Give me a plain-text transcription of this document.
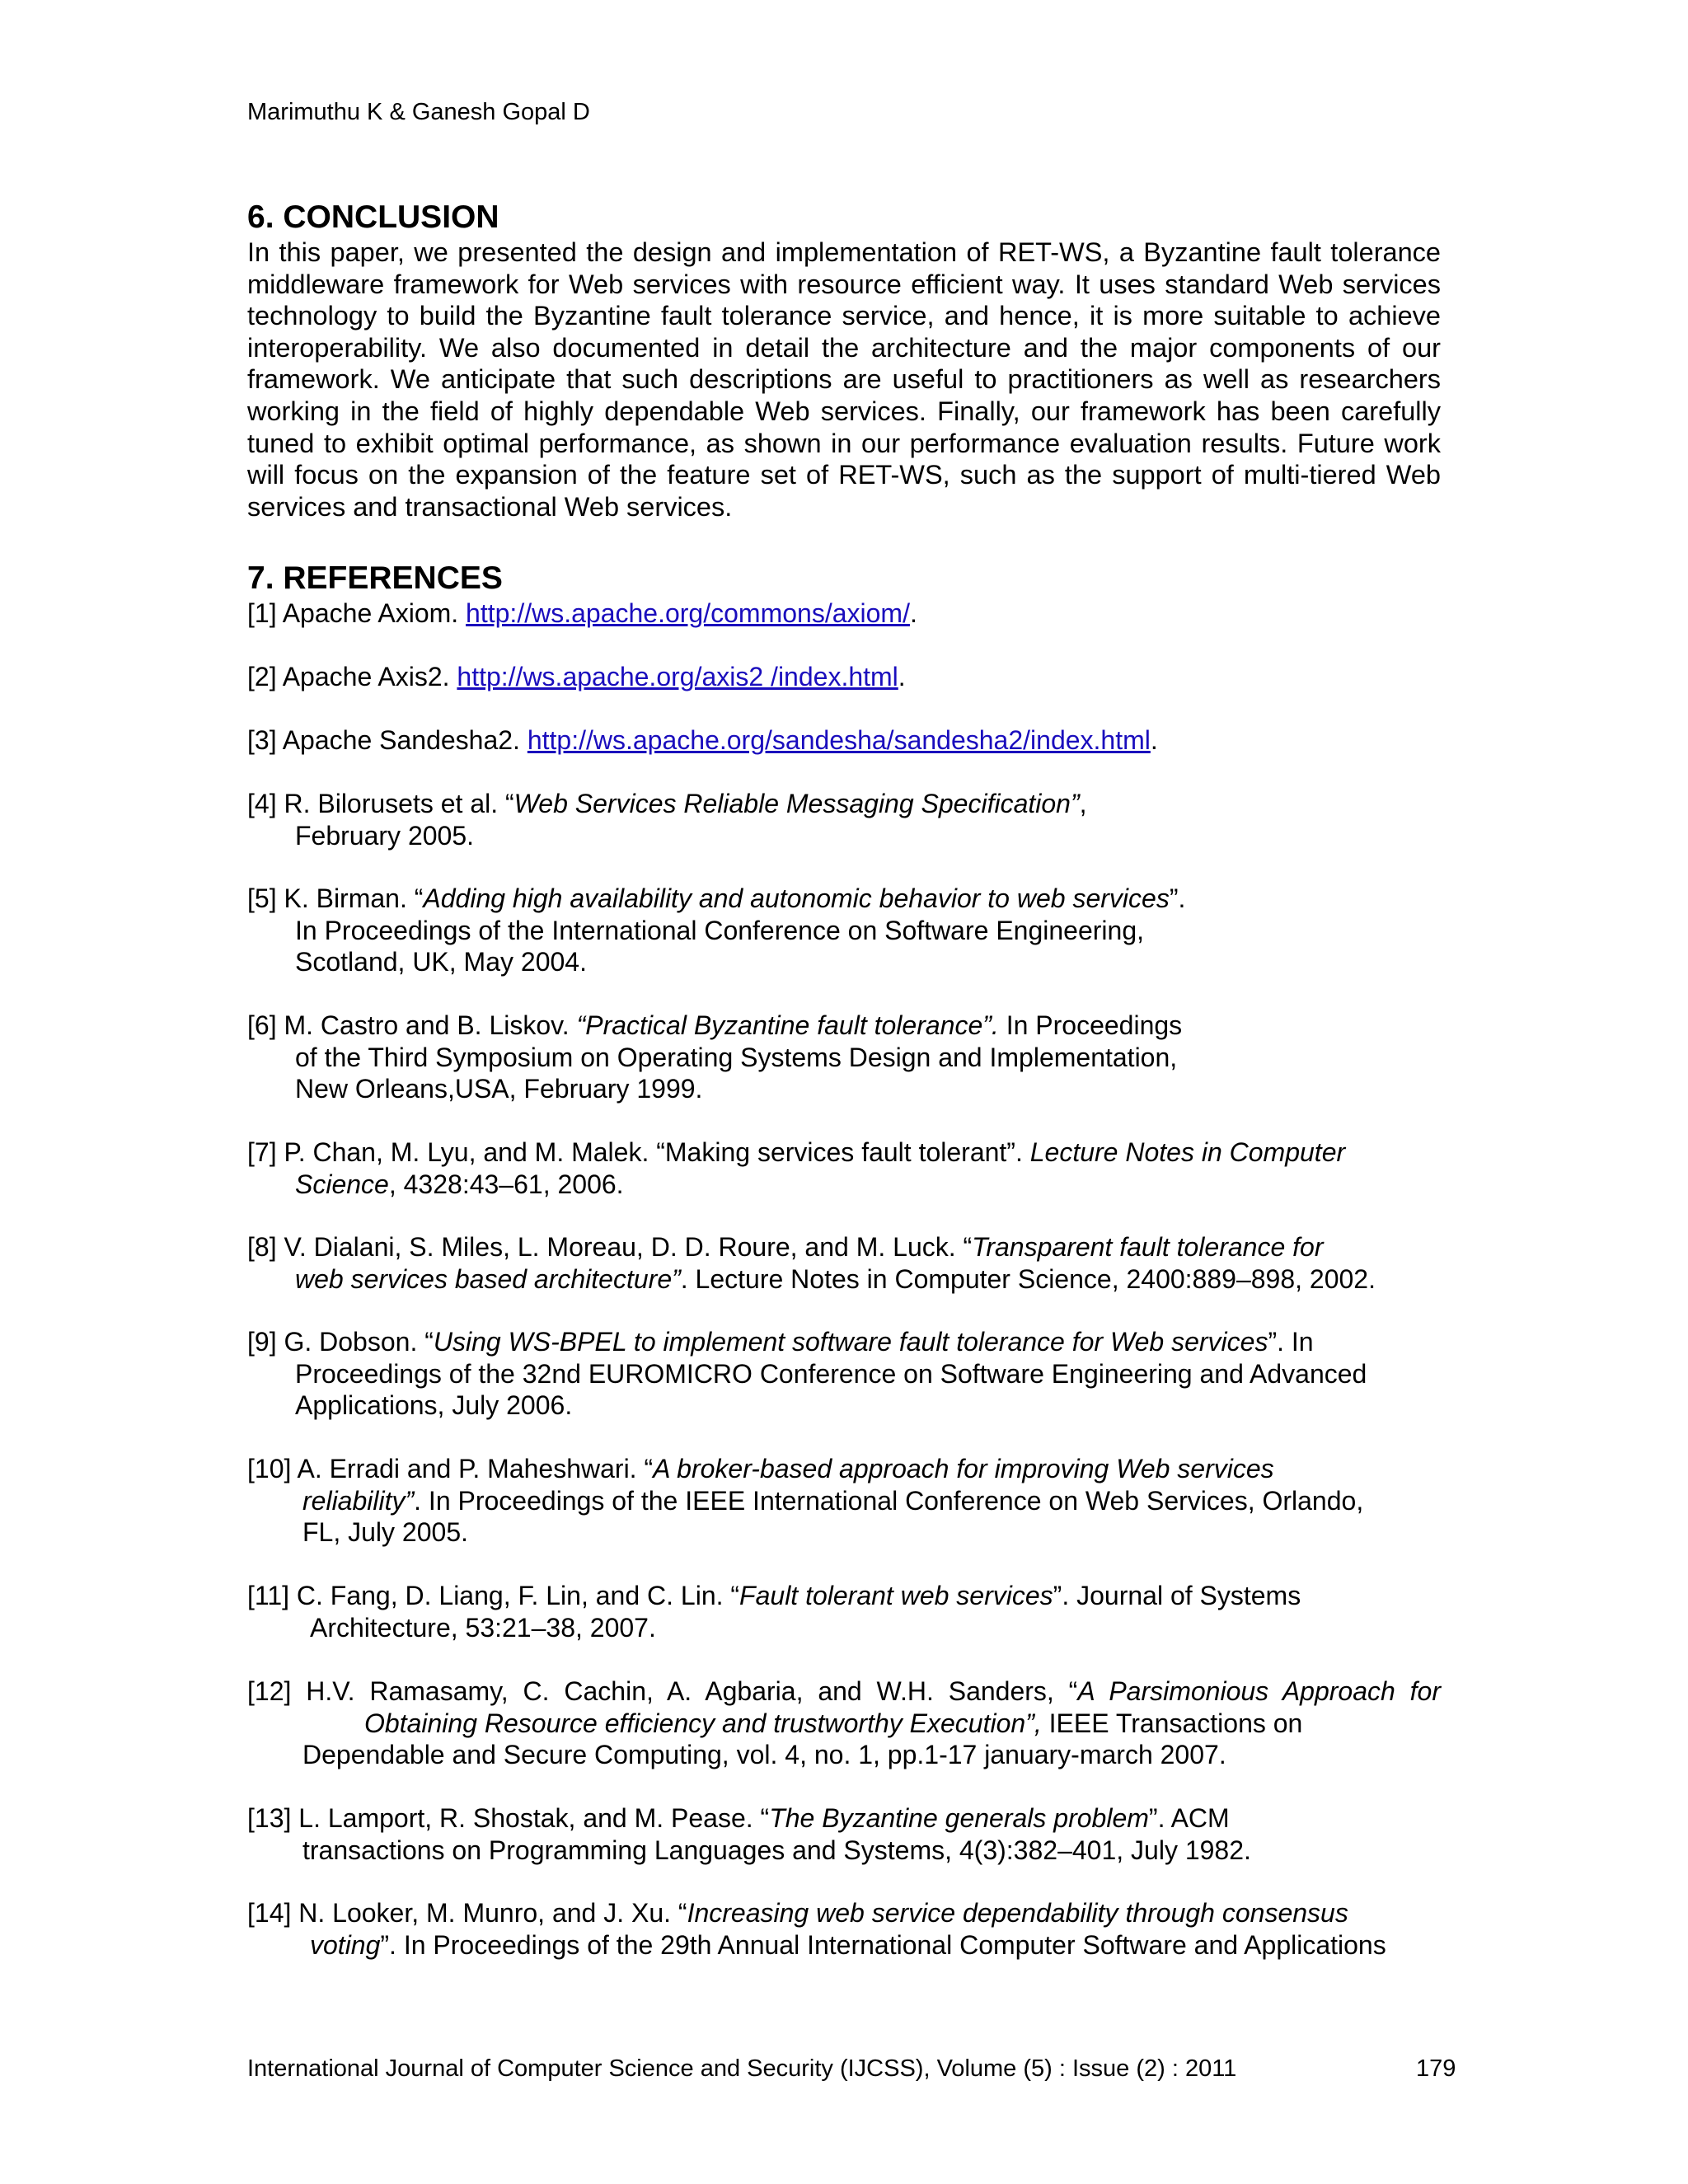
Marimuthu K & Ganesh Gopal D
6. CONCLUSION

In this paper, we presented the design and implementation of RET-WS, a Byzantine fault tolerance middleware framework for Web services with resource efficient way. It uses standard Web services technology to build the Byzantine fault tolerance service, and hence, it is more suitable to achieve interoperability. We also documented in detail the architecture and the major components of our framework. We anticipate that such descriptions are useful to practitioners as well as researchers working in the field of highly dependable Web services. Finally, our framework has been carefully tuned to exhibit optimal performance, as shown in our performance evaluation results. Future work will focus on the expansion of the feature set of RET-WS, such as the support of multi-tiered Web services and transactional Web services.

7. REFERENCES
[1] Apache Axiom. http://ws.apache.org/commons/axiom/.
[2] Apache Axis2. http://ws.apache.org/axis2 /index.html.
[3] Apache Sandesha2. http://ws.apache.org/sandesha/sandesha2/index.html.
[4] R. Bilorusets et al. “Web Services Reliable Messaging Specification”,
February 2005.
[5] K. Birman. “Adding high availability and autonomic behavior to web services”.
In Proceedings of the International Conference on Software Engineering,
Scotland, UK, May 2004.
[6] M. Castro and B. Liskov. “Practical Byzantine fault tolerance”. In Proceedings
of the Third Symposium on Operating Systems Design and Implementation,
New Orleans,USA, February 1999.
[7] P. Chan, M. Lyu, and M. Malek. “Making services fault tolerant”. Lecture Notes in Computer
Science, 4328:43–61, 2006.
[8] V. Dialani, S. Miles, L. Moreau, D. D. Roure, and M. Luck. “Transparent fault tolerance for
web services based architecture”. Lecture Notes in Computer Science, 2400:889–898, 2002.
[9] G. Dobson. “Using WS-BPEL to implement software fault tolerance for Web services”. In
Proceedings of the 32nd EUROMICRO Conference on Software Engineering and Advanced
Applications, July 2006.
[10] A. Erradi and P. Maheshwari. “A broker-based approach for improving Web services
reliability”. In Proceedings of the IEEE International Conference on Web Services, Orlando,
FL, July 2005.
[11] C. Fang, D. Liang, F. Lin, and C. Lin. “Fault tolerant web services”. Journal of Systems
Architecture, 53:21–38, 2007.
[12] H.V. Ramasamy, C. Cachin, A. Agbaria, and W.H. Sanders, “A Parsimonious Approach for
Obtaining Resource efficiency and trustworthy Execution”, IEEE Transactions on
Dependable and Secure Computing, vol. 4, no. 1, pp.1-17 january-march 2007.
[13] L. Lamport, R. Shostak, and M. Pease. “The Byzantine generals problem”. ACM
transactions on Programming Languages and Systems, 4(3):382–401, July 1982.
[14] N. Looker, M. Munro, and J. Xu. “Increasing web service dependability through consensus
voting”. In Proceedings of the 29th Annual International Computer Software and Applications
International Journal of Computer Science and Security (IJCSS), Volume (5) : Issue (2) : 2011	179
